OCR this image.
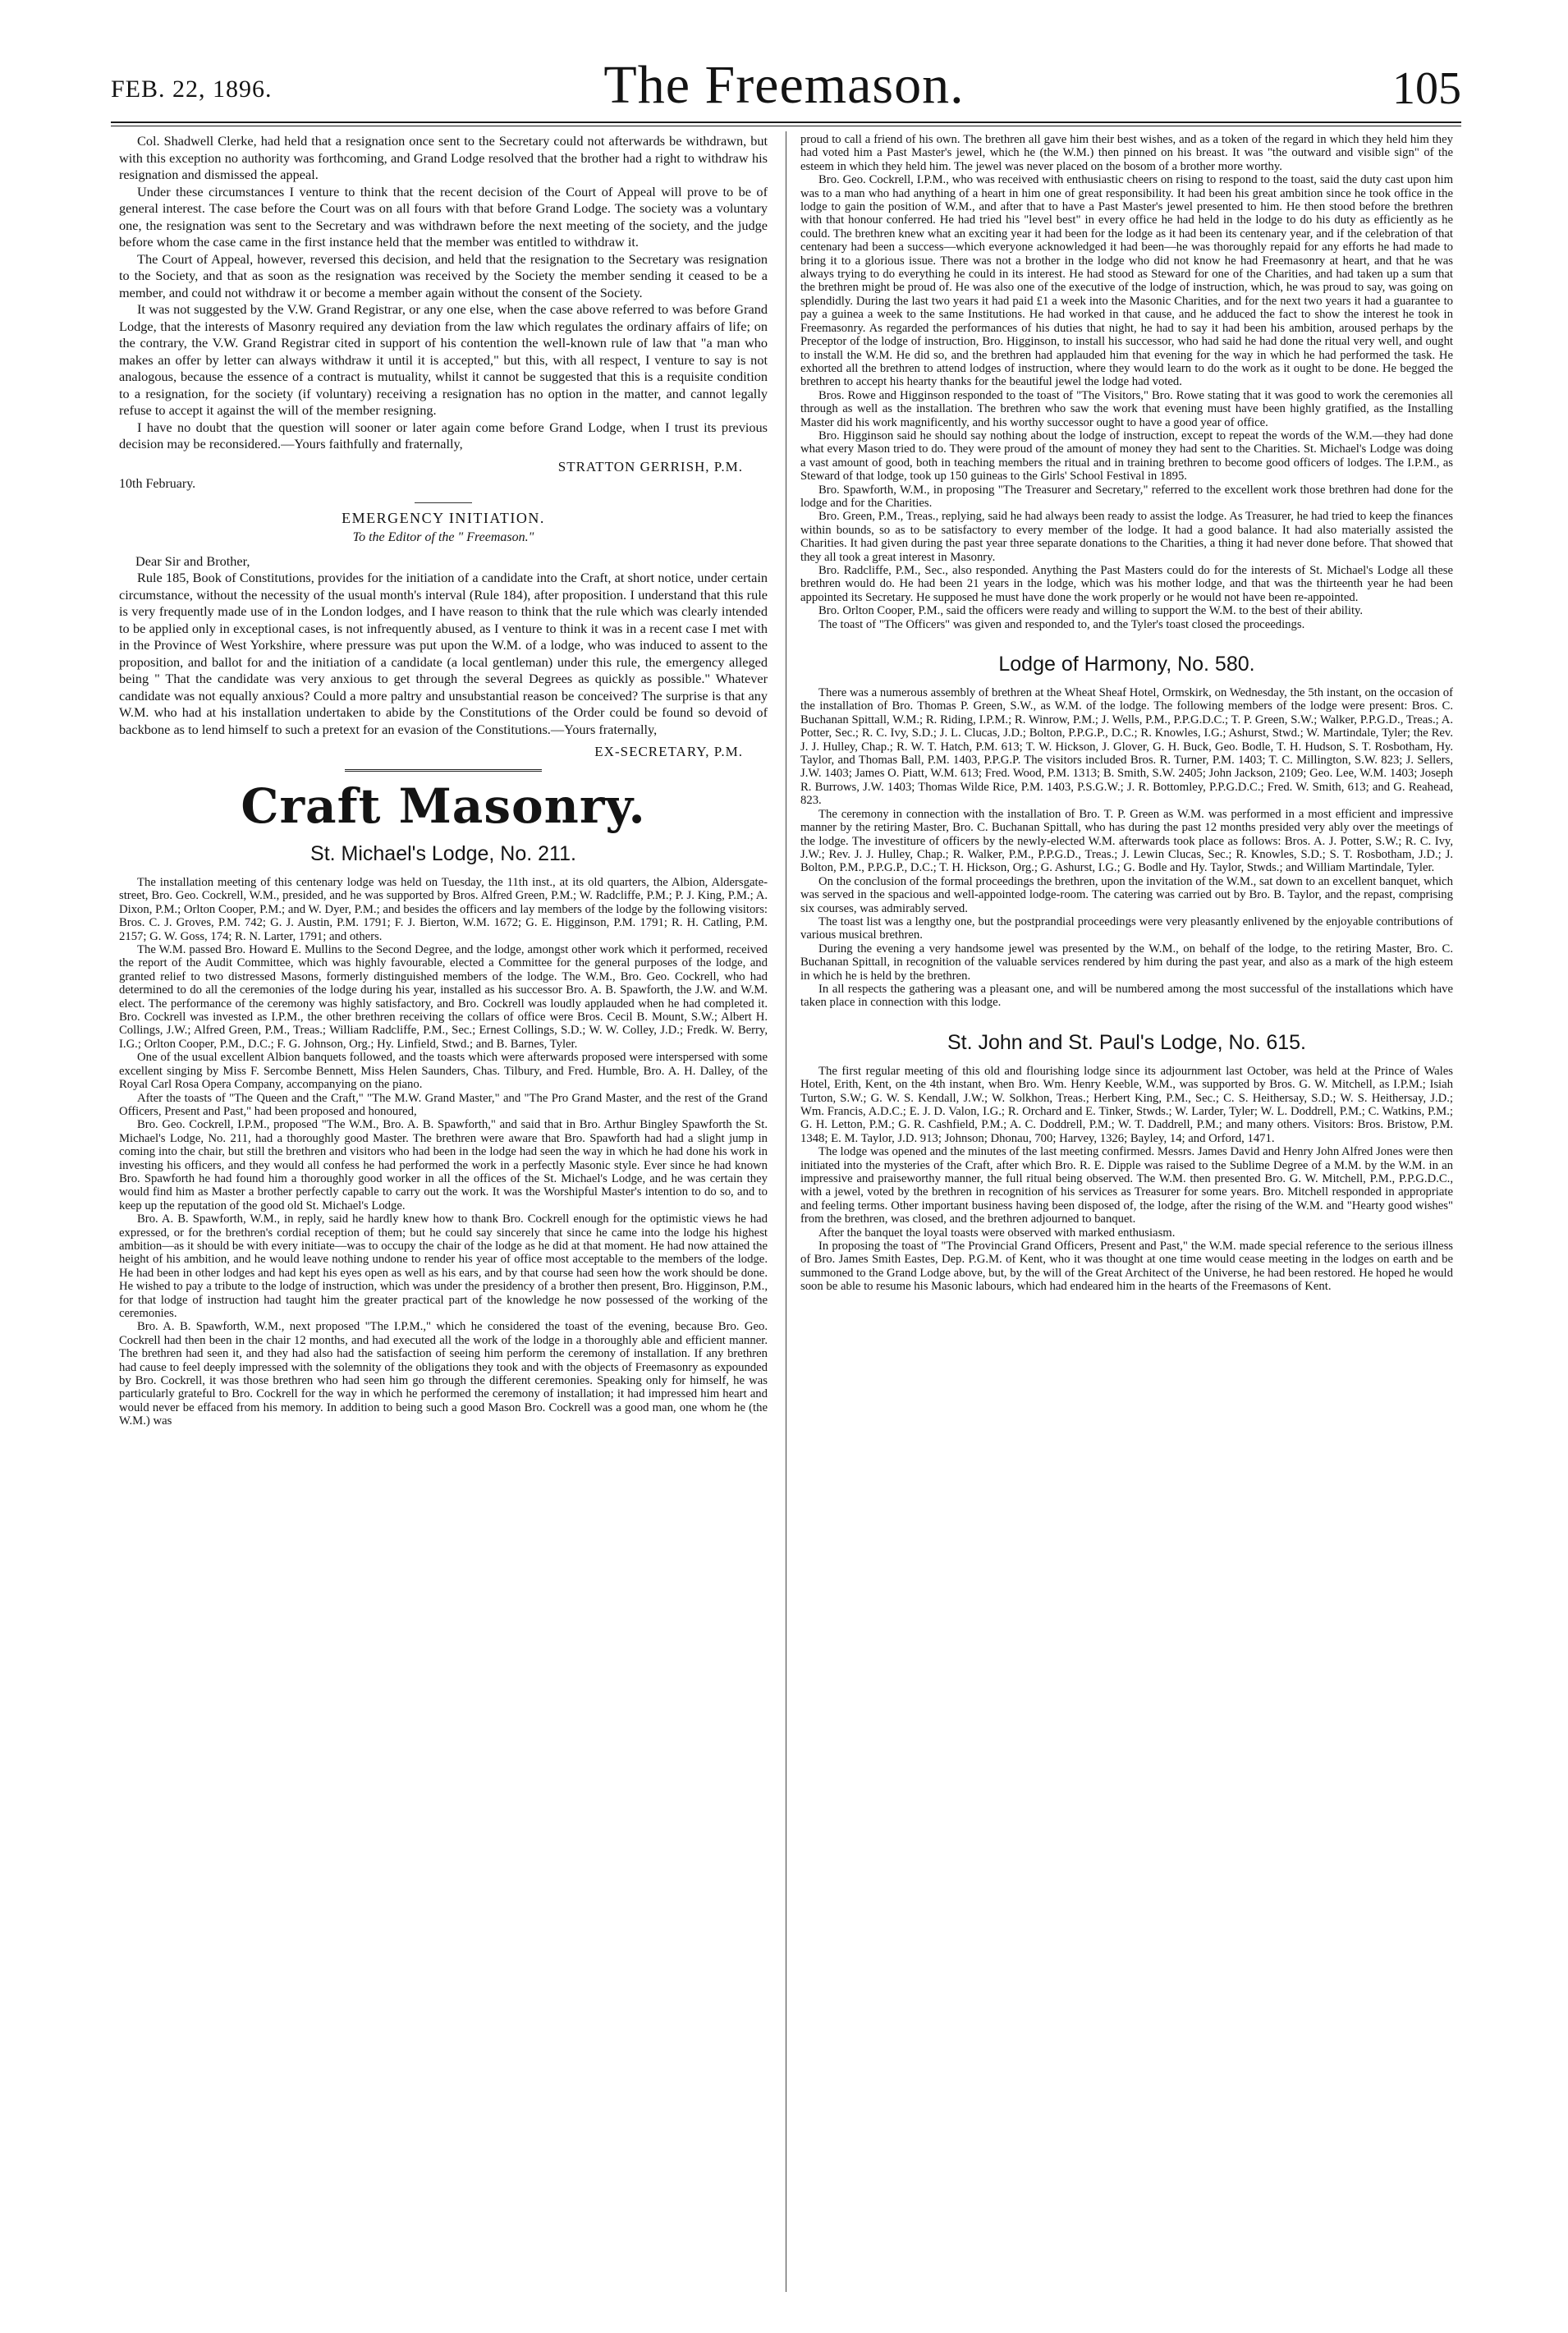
FEB. 22, 1896.	The Freemason.	105

Col. Shadwell Clerke, had held that a resignation once sent to the Secretary could not afterwards be withdrawn, but with this exception no authority was forthcoming, and Grand Lodge resolved that the brother had a right to withdraw his resignation and dismissed the appeal.

Under these circumstances I venture to think that the recent decision of the Court of Appeal will prove to be of general interest. The case before the Court was on all fours with that before Grand Lodge. The society was a voluntary one, the resignation was sent to the Secretary and was withdrawn before the next meeting of the society, and the judge before whom the case came in the first instance held that the member was entitled to withdraw it.

The Court of Appeal, however, reversed this decision, and held that the resignation to the Secretary was resignation to the Society, and that as soon as the resignation was received by the Society the member sending it ceased to be a member, and could not withdraw it or become a member again without the consent of the Society.

It was not suggested by the V.W. Grand Registrar, or any one else, when the case above referred to was before Grand Lodge, that the interests of Masonry required any deviation from the law which regulates the ordinary affairs of life; on the contrary, the V.W. Grand Registrar cited in support of his contention the well-known rule of law that "a man who makes an offer by letter can always withdraw it until it is accepted," but this, with all respect, I venture to say is not analogous, because the essence of a contract is mutuality, whilst it cannot be suggested that this is a requisite condition to a resignation, for the society (if voluntary) receiving a resignation has no option in the matter, and cannot legally refuse to accept it against the will of the member resigning.

I have no doubt that the question will sooner or later again come before Grand Lodge, when I trust its previous decision may be reconsidered.—Yours faithfully and fraternally,

STRATTON GERRISH, P.M.
10th February.
EMERGENCY INITIATION.
To the Editor of the " Freemason."

Dear Sir and Brother,

Rule 185, Book of Constitutions, provides for the initiation of a candidate into the Craft, at short notice, under certain circumstance, without the necessity of the usual month's interval (Rule 184), after proposition. I understand that this rule is very frequently made use of in the London lodges, and I have reason to think that the rule which was clearly intended to be applied only in exceptional cases, is not infrequently abused, as I venture to think it was in a recent case I met with in the Province of West Yorkshire, where pressure was put upon the W.M. of a lodge, who was induced to assent to the proposition, and ballot for and the initiation of a candidate (a local gentleman) under this rule, the emergency alleged being " That the candidate was very anxious to get through the several Degrees as quickly as possible." Whatever candidate was not equally anxious? Could a more paltry and unsubstantial reason be conceived? The surprise is that any W.M. who had at his installation undertaken to abide by the Constitutions of the Order could be found so devoid of backbone as to lend himself to such a pretext for an evasion of the Constitutions.—Yours fraternally,

EX-SECRETARY, P.M.
Craft Masonry.
St. Michael's Lodge, No. 211.

The installation meeting of this centenary lodge was held on Tuesday, the 11th inst., at its old quarters, the Albion, Aldersgate-street, Bro. Geo. Cockrell, W.M., presided, and he was supported by Bros. Alfred Green, P.M.; W. Radcliffe, P.M.; P. J. King, P.M.; A. Dixon, P.M.; Orlton Cooper, P.M.; and W. Dyer, P.M.; and besides the officers and lay members of the lodge by the following visitors: Bros. C. J. Groves, P.M. 742; G. J. Austin, P.M. 1791; F. J. Bierton, W.M. 1672; G. E. Higginson, P.M. 1791; R. H. Catling, P.M. 2157; G. W. Goss, 174; R. N. Larter, 1791; and others.

The W.M. passed Bro. Howard E. Mullins to the Second Degree, and the lodge, amongst other work which it performed, received the report of the Audit Committee, which was highly favourable, elected a Committee for the general purposes of the lodge, and granted relief to two distressed Masons, formerly distinguished members of the lodge. The W.M., Bro. Geo. Cockrell, who had determined to do all the ceremonies of the lodge during his year, installed as his successor Bro. A. B. Spawforth, the J.W. and W.M. elect. The performance of the ceremony was highly satisfactory, and Bro. Cockrell was loudly applauded when he had completed it. Bro. Cockrell was invested as I.P.M., the other brethren receiving the collars of office were Bros. Cecil B. Mount, S.W.; Albert H. Collings, J.W.; Alfred Green, P.M., Treas.; William Radcliffe, P.M., Sec.; Ernest Collings, S.D.; W. W. Colley, J.D.; Fredk. W. Berry, I.G.; Orlton Cooper, P.M., D.C.; F. G. Johnson, Org.; Hy. Linfield, Stwd.; and B. Barnes, Tyler.

One of the usual excellent Albion banquets followed, and the toasts which were afterwards proposed were interspersed with some excellent singing by Miss F. Sercombe Bennett, Miss Helen Saunders, Chas. Tilbury, and Fred. Humble, Bro. A. H. Dalley, of the Royal Carl Rosa Opera Company, accompanying on the piano.

After the toasts of "The Queen and the Craft," "The M.W. Grand Master," and "The Pro Grand Master, and the rest of the Grand Officers, Present and Past," had been proposed and honoured,

Bro. Geo. Cockrell, I.P.M., proposed "The W.M., Bro. A. B. Spawforth," and said that in Bro. Arthur Bingley Spawforth the St. Michael's Lodge, No. 211, had a thoroughly good Master. The brethren were aware that Bro. Spawforth had had a slight jump in coming into the chair, but still the brethren and visitors who had been in the lodge had seen the way in which he had done his work in investing his officers, and they would all confess he had performed the work in a perfectly Masonic style. Ever since he had known Bro. Spawforth he had found him a thoroughly good worker in all the offices of the St. Michael's Lodge, and he was certain they would find him as Master a brother perfectly capable to carry out the work. It was the Worshipful Master's intention to do so, and to keep up the reputation of the good old St. Michael's Lodge.

Bro. A. B. Spawforth, W.M., in reply, said he hardly knew how to thank Bro. Cockrell enough for the optimistic views he had expressed, or for the brethren's cordial reception of them; but he could say sincerely that since he came into the lodge his highest ambition—as it should be with every initiate—was to occupy the chair of the lodge as he did at that moment. He had now attained the height of his ambition, and he would leave nothing undone to render his year of office most acceptable to the members of the lodge. He had been in other lodges and had kept his eyes open as well as his ears, and by that course had seen how the work should be done. He wished to pay a tribute to the lodge of instruction, which was under the presidency of a brother then present, Bro. Higginson, P.M., for that lodge of instruction had taught him the greater practical part of the knowledge he now possessed of the working of the ceremonies.

Bro. A. B. Spawforth, W.M., next proposed "The I.P.M.," which he considered the toast of the evening, because Bro. Geo. Cockrell had then been in the chair 12 months, and had executed all the work of the lodge in a thoroughly able and efficient manner. The brethren had seen it, and they had also had the satisfaction of seeing him perform the ceremony of installation. If any brethren had cause to feel deeply impressed with the solemnity of the obligations they took and with the objects of Freemasonry as expounded by Bro. Cockrell, it was those brethren who had seen him go through the different ceremonies. Speaking only for himself, he was particularly grateful to Bro. Cockrell for the way in which he performed the ceremony of installation; it had impressed him heart and would never be effaced from his memory. In addition to being such a good Mason Bro. Cockrell was a good man, one whom he (the W.M.) was

proud to call a friend of his own. The brethren all gave him their best wishes, and as a token of the regard in which they held him they had voted him a Past Master's jewel, which he (the W.M.) then pinned on his breast. It was "the outward and visible sign" of the esteem in which they held him. The jewel was never placed on the bosom of a brother more worthy.

Bro. Geo. Cockrell, I.P.M., who was received with enthusiastic cheers on rising to respond to the toast, said the duty cast upon him was to a man who had anything of a heart in him one of great responsibility. It had been his great ambition since he took office in the lodge to gain the position of W.M., and after that to have a Past Master's jewel presented to him. He then stood before the brethren with that honour conferred. He had tried his "level best" in every office he had held in the lodge to do his duty as efficiently as he could. The brethren knew what an exciting year it had been for the lodge as it had been its centenary year, and if the celebration of that centenary had been a success—which everyone acknowledged it had been—he was thoroughly repaid for any efforts he had made to bring it to a glorious issue. There was not a brother in the lodge who did not know he had Freemasonry at heart, and that he was always trying to do everything he could in its interest. He had stood as Steward for one of the Charities, and had taken up a sum that the brethren might be proud of. He was also one of the executive of the lodge of instruction, which, he was proud to say, was going on splendidly. During the last two years it had paid £1 a week into the Masonic Charities, and for the next two years it had a guarantee to pay a guinea a week to the same Institutions. He had worked in that cause, and he adduced the fact to show the interest he took in Freemasonry. As regarded the performances of his duties that night, he had to say it had been his ambition, aroused perhaps by the Preceptor of the lodge of instruction, Bro. Higginson, to install his successor, who had said he had done the ritual very well, and ought to install the W.M. He did so, and the brethren had applauded him that evening for the way in which he had performed the task. He exhorted all the brethren to attend lodges of instruction, where they would learn to do the work as it ought to be done. He begged the brethren to accept his hearty thanks for the beautiful jewel the lodge had voted.

Bros. Rowe and Higginson responded to the toast of "The Visitors," Bro. Rowe stating that it was good to work the ceremonies all through as well as the installation. The brethren who saw the work that evening must have been highly gratified, as the Installing Master did his work magnificently, and his worthy successor ought to have a good year of office.

Bro. Higginson said he should say nothing about the lodge of instruction, except to repeat the words of the W.M.—they had done what every Mason tried to do. They were proud of the amount of money they had sent to the Charities. St. Michael's Lodge was doing a vast amount of good, both in teaching members the ritual and in training brethren to become good officers of lodges. The I.P.M., as Steward of that lodge, took up 150 guineas to the Girls' School Festival in 1895.

Bro. Spawforth, W.M., in proposing "The Treasurer and Secretary," referred to the excellent work those brethren had done for the lodge and for the Charities.

Bro. Green, P.M., Treas., replying, said he had always been ready to assist the lodge. As Treasurer, he had tried to keep the finances within bounds, so as to be satisfactory to every member of the lodge. It had a good balance. It had also materially assisted the Charities. It had given during the past year three separate donations to the Charities, a thing it had never done before. That showed that they all took a great interest in Masonry.

Bro. Radcliffe, P.M., Sec., also responded. Anything the Past Masters could do for the interests of St. Michael's Lodge all these brethren would do. He had been 21 years in the lodge, which was his mother lodge, and that was the thirteenth year he had been appointed its Secretary. He supposed he must have done the work properly or he would not have been re-appointed.

Bro. Orlton Cooper, P.M., said the officers were ready and willing to support the W.M. to the best of their ability.

The toast of "The Officers" was given and responded to, and the Tyler's toast closed the proceedings.

Lodge of Harmony, No. 580.

There was a numerous assembly of brethren at the Wheat Sheaf Hotel, Ormskirk, on Wednesday, the 5th instant, on the occasion of the installation of Bro. Thomas P. Green, S.W., as W.M. of the lodge. The following members of the lodge were present: Bros. C. Buchanan Spittall, W.M.; R. Riding, I.P.M.; R. Winrow, P.M.; J. Wells, P.M., P.P.G.D.C.; T. P. Green, S.W.; Walker, P.P.G.D., Treas.; A. Potter, Sec.; R. C. Ivy, S.D.; J. L. Clucas, J.D.; Bolton, P.P.G.P., D.C.; R. Knowles, I.G.; Ashurst, Stwd.; W. Martindale, Tyler; the Rev. J. J. Hulley, Chap.; R. W. T. Hatch, P.M. 613; T. W. Hickson, J. Glover, G. H. Buck, Geo. Bodle, T. H. Hudson, S. T. Rosbotham, Hy. Taylor, and Thomas Ball, P.M. 1403, P.P.G.P. The visitors included Bros. R. Turner, P.M. 1403; T. C. Millington, S.W. 823; J. Sellers, J.W. 1403; James O. Piatt, W.M. 613; Fred. Wood, P.M. 1313; B. Smith, S.W. 2405; John Jackson, 2109; Geo. Lee, W.M. 1403; Joseph R. Burrows, J.W. 1403; Thomas Wilde Rice, P.M. 1403, P.S.G.W.; J. R. Bottomley, P.P.G.D.C.; Fred. W. Smith, 613; and G. Reahead, 823.

The ceremony in connection with the installation of Bro. T. P. Green as W.M. was performed in a most efficient and impressive manner by the retiring Master, Bro. C. Buchanan Spittall, who has during the past 12 months presided very ably over the meetings of the lodge. The investiture of officers by the newly-elected W.M. afterwards took place as follows: Bros. A. J. Potter, S.W.; R. C. Ivy, J.W.; Rev. J. J. Hulley, Chap.; R. Walker, P.M., P.P.G.D., Treas.; J. Lewin Clucas, Sec.; R. Knowles, S.D.; S. T. Rosbotham, J.D.; J. Bolton, P.M., P.P.G.P., D.C.; T. H. Hickson, Org.; G. Ashurst, I.G.; G. Bodle and Hy. Taylor, Stwds.; and William Martindale, Tyler.

On the conclusion of the formal proceedings the brethren, upon the invitation of the W.M., sat down to an excellent banquet, which was served in the spacious and well-appointed lodge-room. The catering was carried out by Bro. B. Taylor, and the repast, comprising six courses, was admirably served.

The toast list was a lengthy one, but the postprandial proceedings were very pleasantly enlivened by the enjoyable contributions of various musical brethren.

During the evening a very handsome jewel was presented by the W.M., on behalf of the lodge, to the retiring Master, Bro. C. Buchanan Spittall, in recognition of the valuable services rendered by him during the past year, and also as a mark of the high esteem in which he is held by the brethren.

In all respects the gathering was a pleasant one, and will be numbered among the most successful of the installations which have taken place in connection with this lodge.

St. John and St. Paul's Lodge, No. 615.

The first regular meeting of this old and flourishing lodge since its adjournment last October, was held at the Prince of Wales Hotel, Erith, Kent, on the 4th instant, when Bro. Wm. Henry Keeble, W.M., was supported by Bros. G. W. Mitchell, as I.P.M.; Isiah Turton, S.W.; G. W. S. Kendall, J.W.; W. Solkhon, Treas.; Herbert King, P.M., Sec.; C. S. Heithersay, S.D.; W. S. Heithersay, J.D.; Wm. Francis, A.D.C.; E. J. D. Valon, I.G.; R. Orchard and E. Tinker, Stwds.; W. Larder, Tyler; W. L. Doddrell, P.M.; C. Watkins, P.M.; G. H. Letton, P.M.; G. R. Cashfield, P.M.; A. C. Doddrell, P.M.; W. T. Daddrell, P.M.; and many others. Visitors: Bros. Bristow, P.M. 1348; E. M. Taylor, J.D. 913; Johnson; Dhonau, 700; Harvey, 1326; Bayley, 14; and Orford, 1471.

The lodge was opened and the minutes of the last meeting confirmed. Messrs. James David and Henry John Alfred Jones were then initiated into the mysteries of the Craft, after which Bro. R. E. Dipple was raised to the Sublime Degree of a M.M. by the W.M. in an impressive and praiseworthy manner, the full ritual being observed. The W.M. then presented Bro. G. W. Mitchell, P.M., P.P.G.D.C., with a jewel, voted by the brethren in recognition of his services as Treasurer for some years. Bro. Mitchell responded in appropriate and feeling terms. Other important business having been disposed of, the lodge, after the rising of the W.M. and "Hearty good wishes" from the brethren, was closed, and the brethren adjourned to banquet.

After the banquet the loyal toasts were observed with marked enthusiasm.

In proposing the toast of "The Provincial Grand Officers, Present and Past," the W.M. made special reference to the serious illness of Bro. James Smith Eastes, Dep. P.G.M. of Kent, who it was thought at one time would cease meeting in the lodges on earth and be summoned to the Grand Lodge above, but, by the will of the Great Architect of the Universe, he had been restored. He hoped he would soon be able to resume his Masonic labours, which had endeared him in the hearts of the Freemasons of Kent.
